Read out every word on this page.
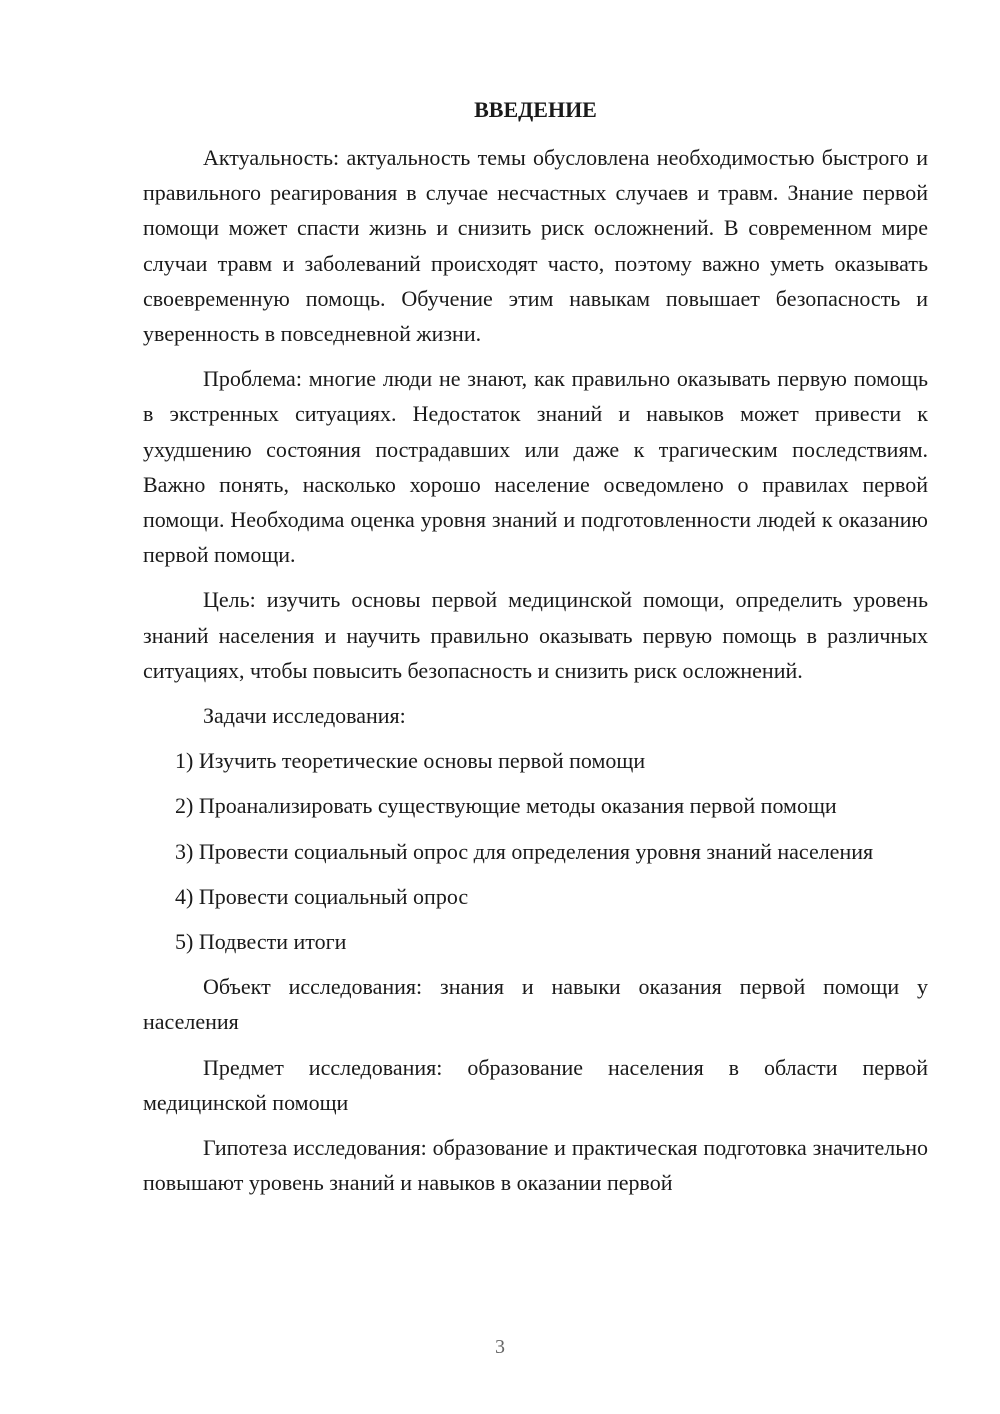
ВВЕДЕНИЕ

Актуальность: актуальность темы обусловлена необходимостью быстрого и правильного реагирования в случае несчастных случаев и травм. Знание первой помощи может спасти жизнь и снизить риск осложнений. В современном мире случаи травм и заболеваний происходят часто, поэтому важно уметь оказывать своевременную помощь. Обучение этим навыкам повышает безопасность и уверенность в повседневной жизни.

Проблема: многие люди не знают, как правильно оказывать первую помощь в экстренных ситуациях. Недостаток знаний и навыков может привести к ухудшению состояния пострадавших или даже к трагическим последствиям. Важно понять, насколько хорошо население осведомлено о правилах первой помощи. Необходима оценка уровня знаний и подготовленности людей к оказанию первой помощи.

Цель: изучить основы первой медицинской помощи, определить уровень знаний населения и научить правильно оказывать первую помощь в различных ситуациях, чтобы повысить безопасность и снизить риск осложнений.

Задачи исследования:

1) Изучить теоретические основы первой помощи

2) Проанализировать существующие методы оказания первой помощи

3) Провести социальный опрос для определения уровня знаний населения

4) Провести социальный опрос

5) Подвести итоги

Объект исследования: знания и навыки оказания первой помощи у населения

Предмет исследования: образование населения в области первой медицинской помощи

Гипотеза исследования: образование и практическая подготовка значительно повышают уровень знаний и навыков в оказании первой

3
